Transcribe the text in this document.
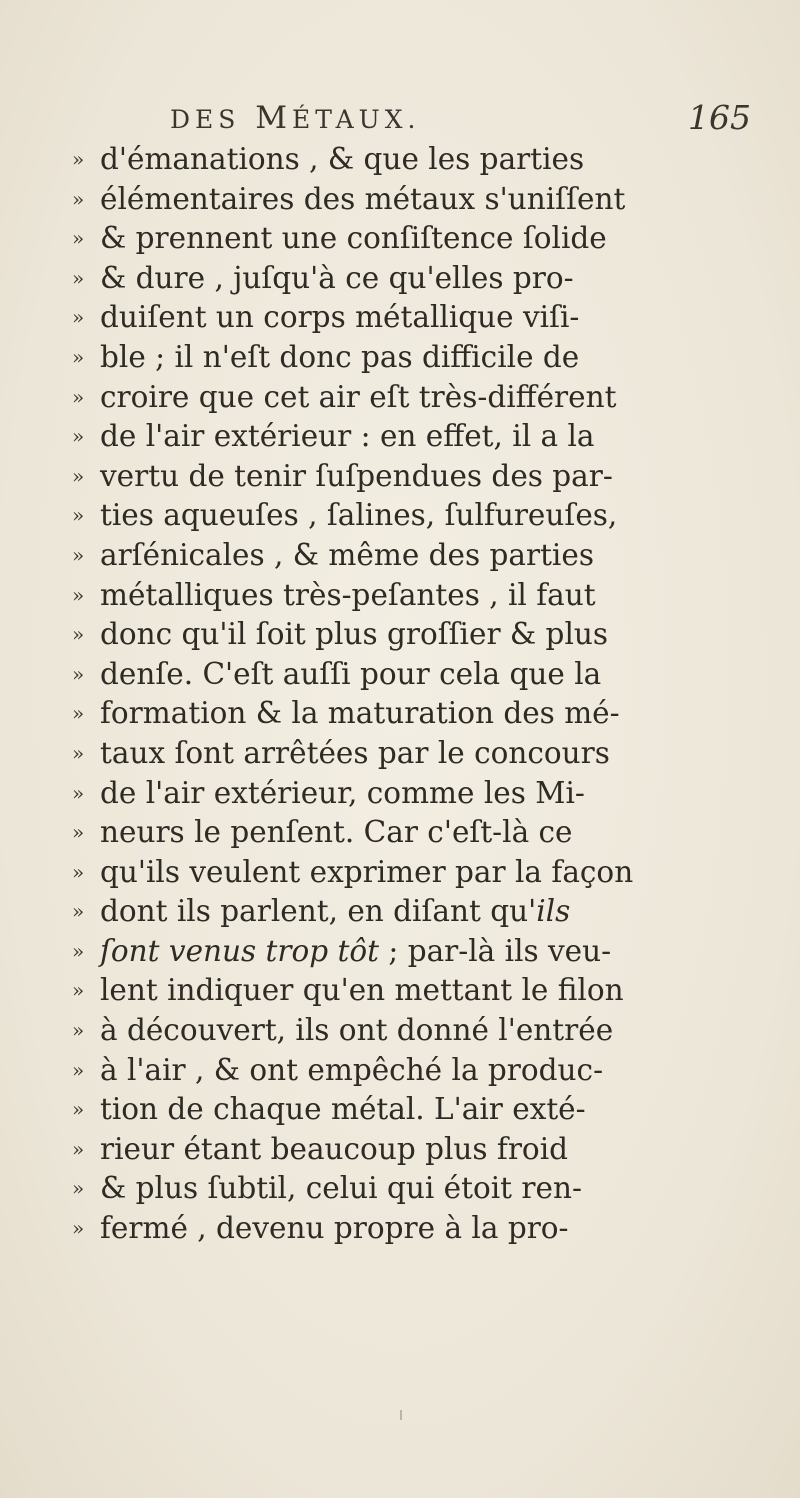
DES MÉTAUX.	165
» d'émanations , & que les parties
» élémentaires des métaux s'uniſſent
» & prennent une conſiſtence ſolide
» & dure , juſqu'à ce qu'elles pro-
» duiſent un corps métallique viſi-
» ble ; il n'eſt donc pas difficile de
» croire que cet air eſt très-différent
» de l'air extérieur : en effet, il a la
» vertu de tenir ſuſpendues des par-
» ties aqueuſes , ſalines, ſulfureuſes,
» arſénicales , & même des parties
» métalliques très-peſantes , il faut
» donc qu'il ſoit plus groſſier & plus
» denſe. C'eſt auſſi pour cela que la
» formation & la maturation des mé-
» taux ſont arrêtées par le concours
» de l'air extérieur, comme les Mi-
» neurs le penſent. Car c'eſt-là ce
» qu'ils veulent exprimer par la façon
» dont ils parlent, en diſant qu'ils
» ſont venus trop tôt ; par-là ils veu-
» lent indiquer qu'en mettant le filon
» à découvert, ils ont donné l'entrée
» à l'air , & ont empêché la produc-
» tion de chaque métal. L'air exté-
» rieur étant beaucoup plus froid
» & plus ſubtil, celui qui étoit ren-
» fermé , devenu propre à la pro-
